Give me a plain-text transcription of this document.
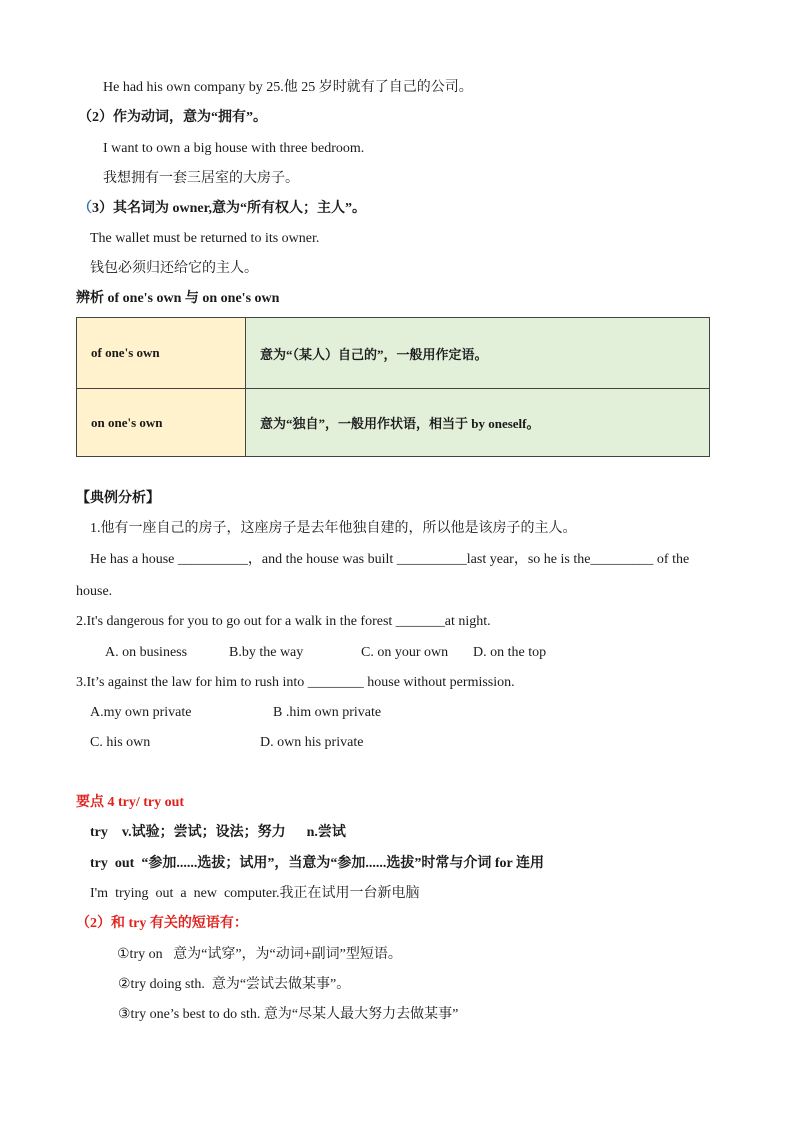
He had his own company by 25.他 25 岁时就有了自己的公司。
（2）作为动词，意为“拥有”。
I want to own a big house with three bedroom.
我想拥有一套三居室的大房子。
（3）其名词为 owner,意为“所有权人；主人”。
The wallet must be returned to its owner.
钱包必须归还给它的主人。
辨析 of one's own 与 on one's own
of one's own	意为“（某人）自己的”，一般用作定语。
on one's own	意为“独自”，一般用作状语，相当于 by oneself。
【典例分析】
1.他有一座自己的房子，这座房子是去年他独自建的，所以他是该房子的主人。
He has a house __________，and the house was built __________last year，so he is the_________ of the
house.
2.It's dangerous for you to go out for a walk in the forest _______at night.
A. on business	B.by the way	C. on your own D. on the top
3.It’s against the law for him to rush into ________ house without permission.
A.my own private	B .him own private
C. his own	D. own his private
要点 4 try/ try out
try    v.试验；尝试；设法；努力      n.尝试
try  out  “参加......选拔；试用”，当意为“参加......选拔”时常与介词 for 连用
I'm  trying  out  a  new  computer.我正在试用一台新电脑
（2）和 try 有关的短语有：
①try on   意为“试穿”，为“动词+副词”型短语。
②try doing sth.  意为“尝试去做某事”。
③try one’s best to do sth. 意为“尽某人最大努力去做某事”
